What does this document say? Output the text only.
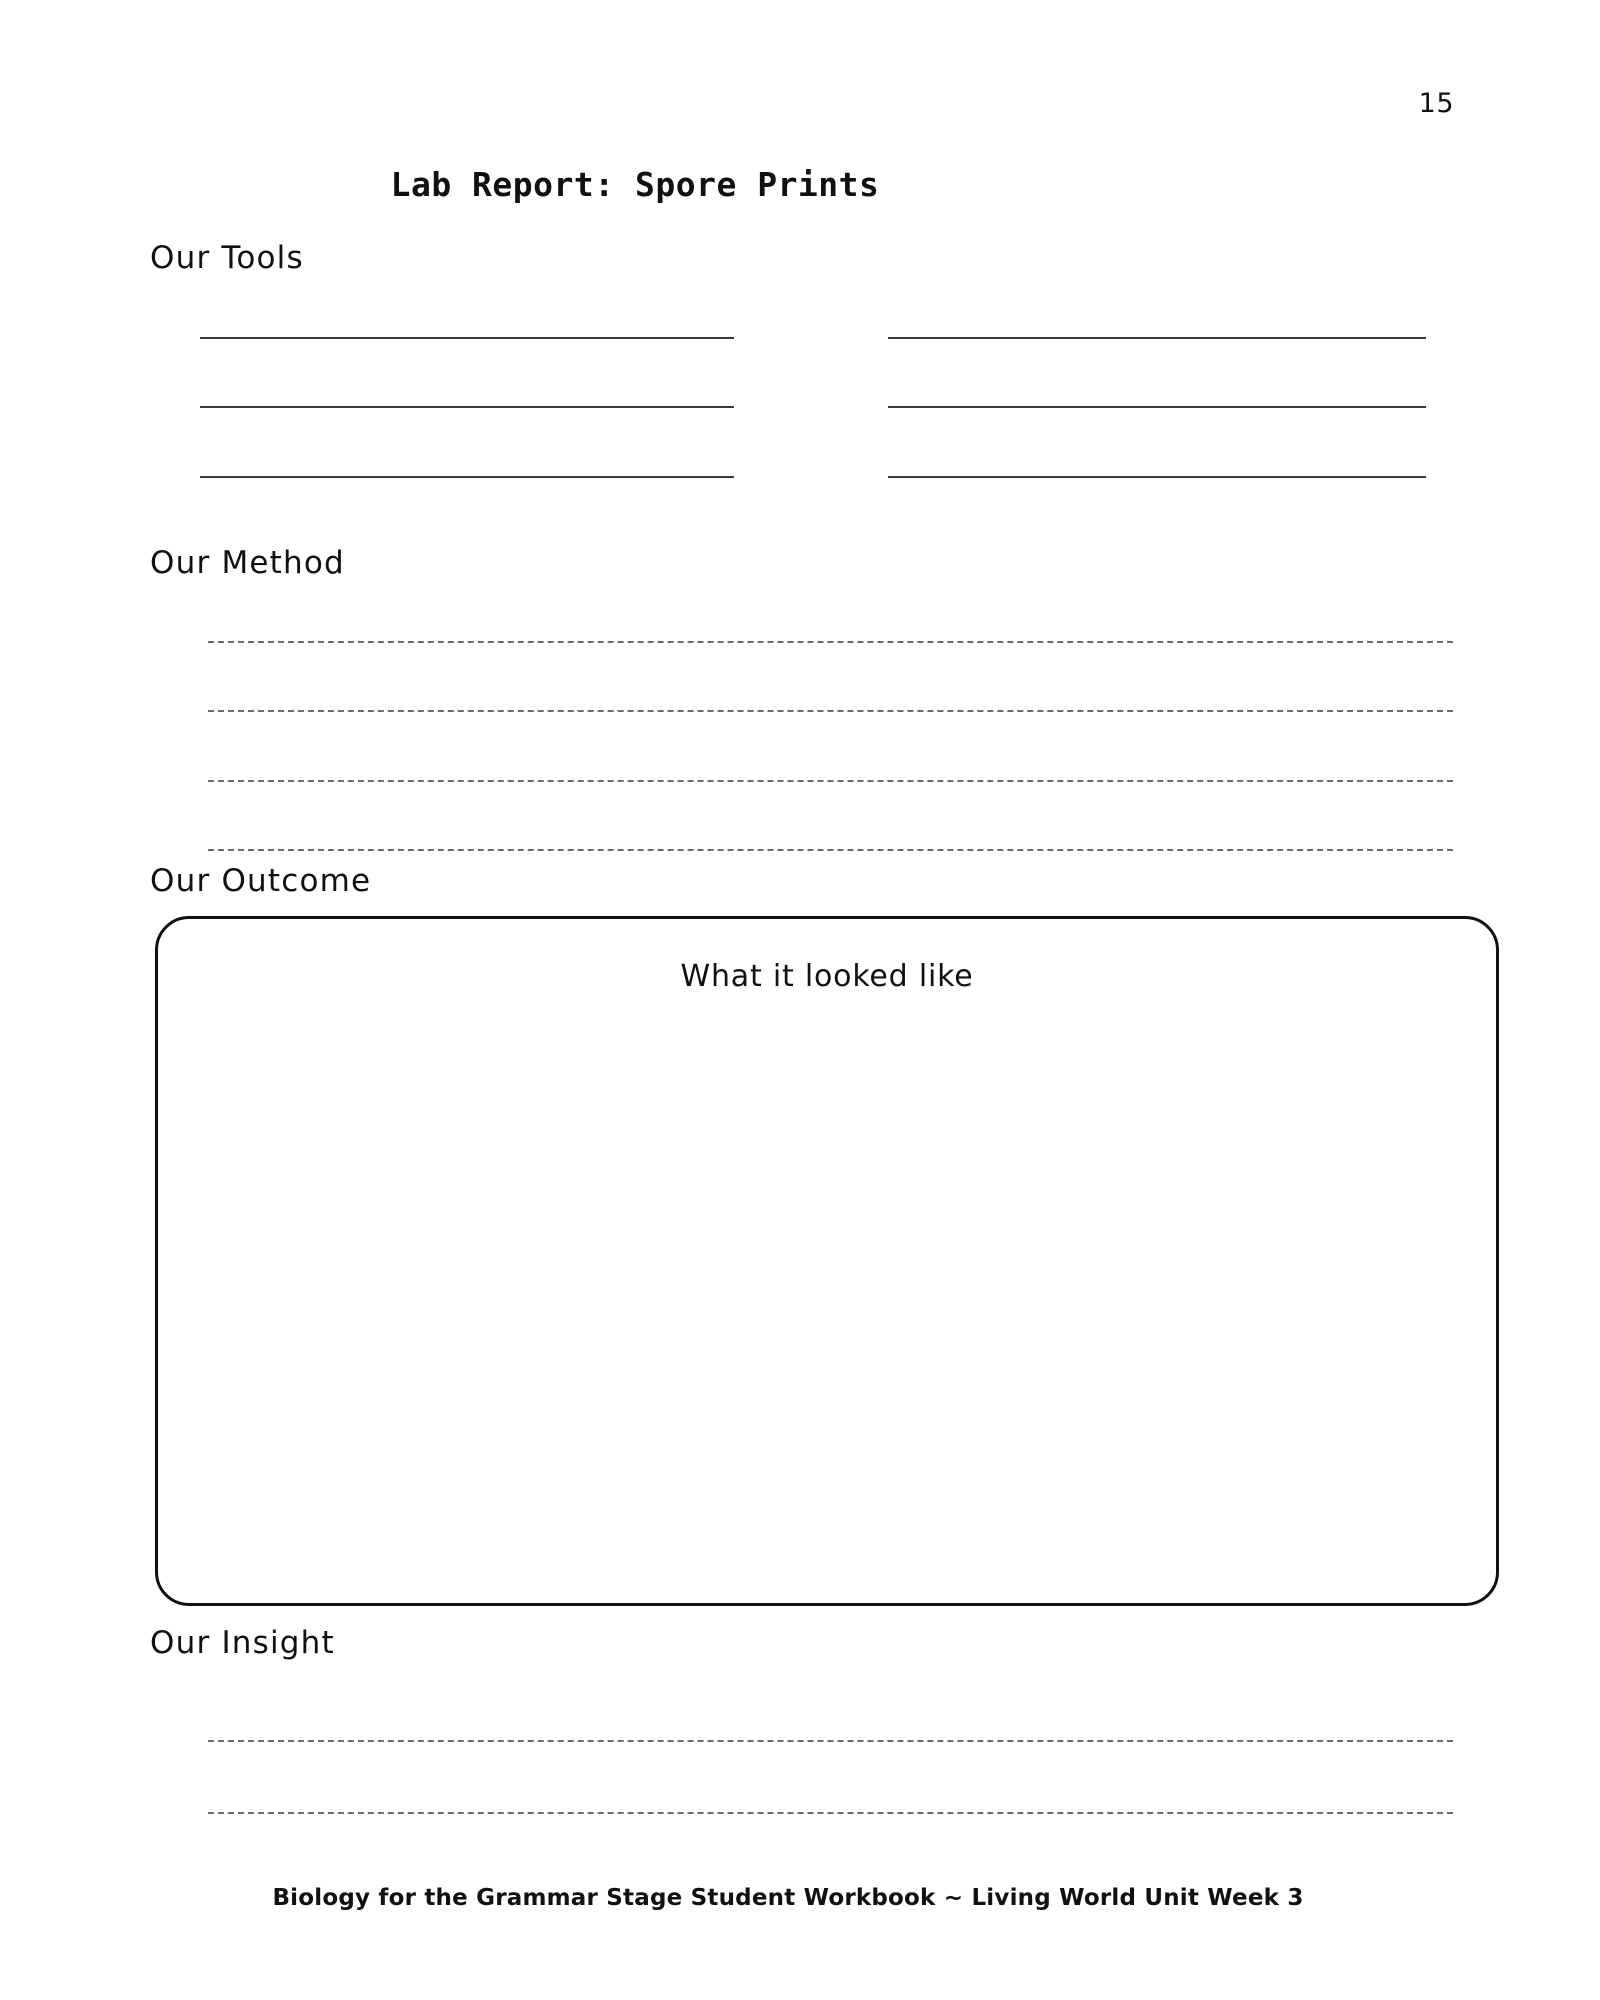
15
Lab Report: Spore Prints
Our Tools
Our Method
Our Outcome
What it looked like
Our Insight
Biology for the Grammar Stage Student Workbook ~ Living World Unit Week 3
